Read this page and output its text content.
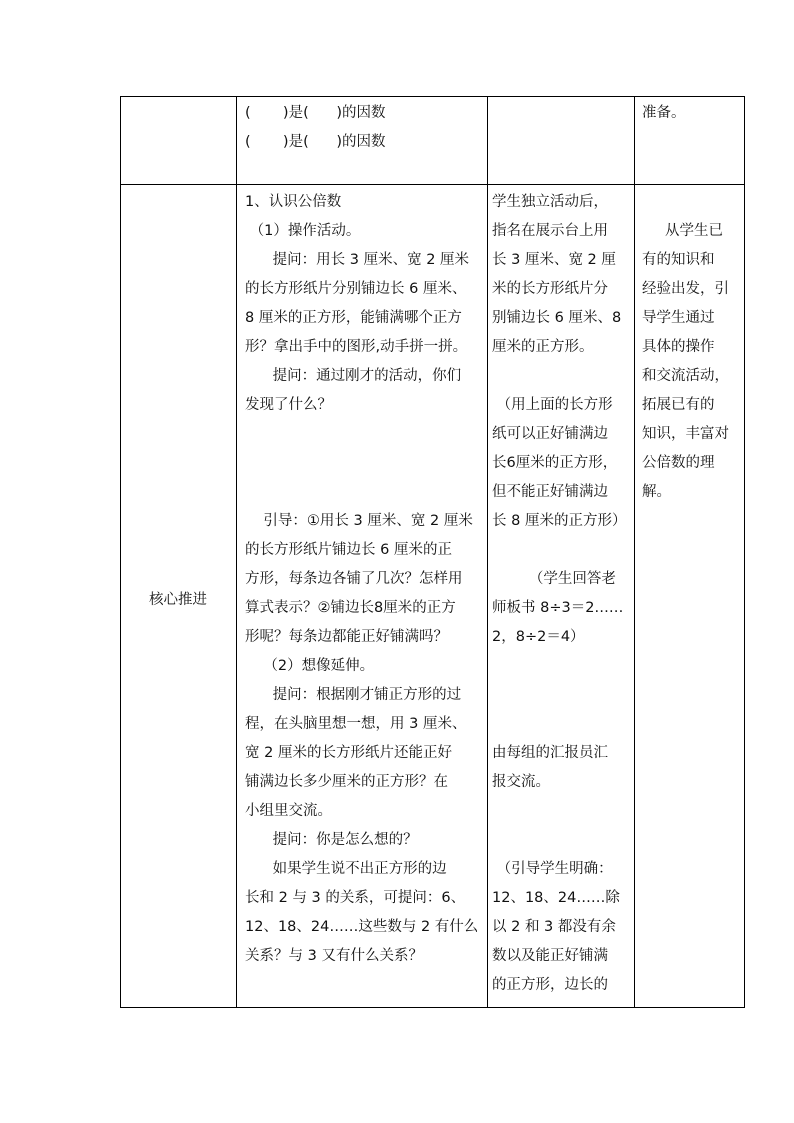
(       )是(      )的因数

(       )是(      )的因数

准备。

核心推进

1、认识公倍数

（1）操作活动。

提问：用长 3 厘米、宽 2 厘米

的长方形纸片分别铺边长 6 厘米、

8 厘米的正方形，能铺满哪个正方

形？拿出手中的图形,动手拼一拼。

提问：通过刚才的活动，你们

发现了什么？

引导：①用长 3 厘米、宽 2 厘米

的长方形纸片铺边长 6 厘米的正

方形，每条边各铺了几次？怎样用

算式表示？②铺边长8厘米的正方

形呢？每条边都能正好铺满吗？

（2）想像延伸。

提问：根据刚才铺正方形的过

程，在头脑里想一想，用 3 厘米、

宽 2 厘米的长方形纸片还能正好

铺满边长多少厘米的正方形？在

小组里交流。

提问：你是怎么想的？

如果学生说不出正方形的边

长和 2 与 3 的关系，可提问：6、

12、18、24……这些数与 2 有什么

关系？与 3 又有什么关系？

学生独立活动后，

指名在展示台上用

长 3 厘米、宽 2 厘

米的长方形纸片分

别铺边长 6 厘米、8

厘米的正方形。

（用上面的长方形

纸可以正好铺满边

长6厘米的正方形，

但不能正好铺满边

长 8 厘米的正方形）

（学生回答老

师板书 8÷3＝2……

2，8÷2＝4）

由每组的汇报员汇

报交流。

（引导学生明确：

12、18、24……除

以 2 和 3 都没有余

数以及能正好铺满

的正方形，边长的

从学生已

有的知识和

经验出发，引

导学生通过

具体的操作

和交流活动，

拓展已有的

知识，丰富对

公倍数的理

解。
